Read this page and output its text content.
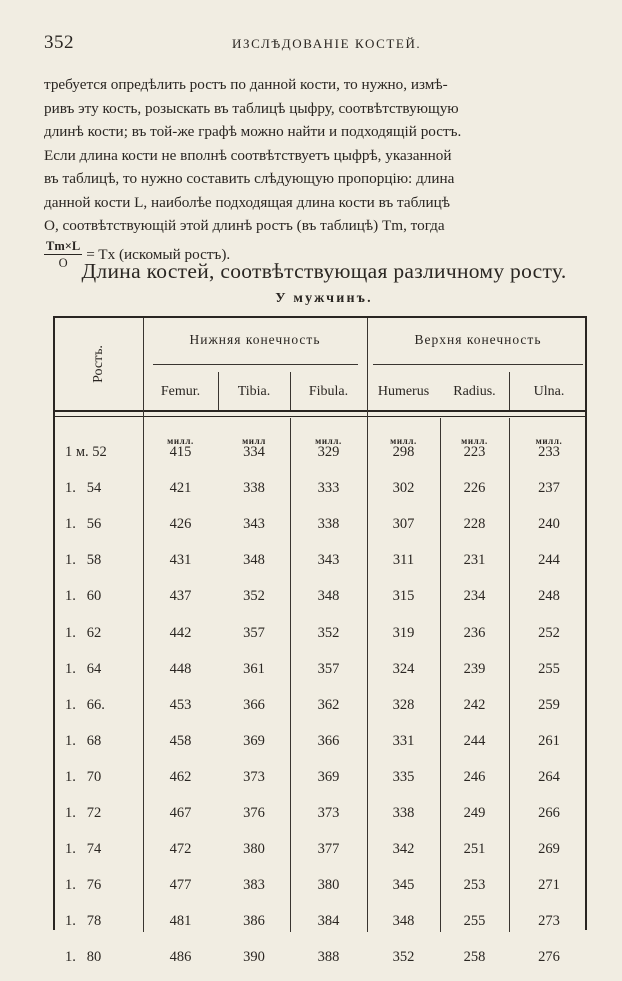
352	ИЗСЛѢДОВАНІЕ КОСТЕЙ.

требуется опредѣлить ростъ по данной кости, то нужно, измѣ-

ривъ эту кость, розыскать въ таблицѣ цыфру, соотвѣтствующую

длинѣ кости; въ той-же графѣ можно найти и подходящій ростъ.

Если длина кости не вполнѣ соотвѣтствуетъ цыфрѣ, указанной

въ таблицѣ, то нужно составить слѣдующую пропорцію: длина

данной кости L, наиболѣе подходящая длина кости въ таблицѣ

O, соотвѣтствующій этой длинѣ ростъ (въ таблицѣ) Tm, тогда

$\frac{Tm\times L}{O} = Tx$ (искомый ростъ).
Длина костей, соотвѣтствующая различному росту.
У мужчинъ.
Ростъ.
Нижняя конечность	Верхня конечность
Femur.	Tibia.	Fibula.	Humerus	Radius.	Ulna.
милл.	милл	милл.	милл.	милл.	милл.
1 м. 52	415	334	329	298	223	233
1.   54	421	338	333	302	226	237
1.   56	426	343	338	307	228	240
1.   58	431	348	343	311	231	244
1.   60	437	352	348	315	234	248
1.   62	442	357	352	319	236	252
1.   64	448	361	357	324	239	255
1.   66.	453	366	362	328	242	259
1.   68	458	369	366	331	244	261
1.   70	462	373	369	335	246	264
1.   72	467	376	373	338	249	266
1.   74	472	380	377	342	251	269
1.   76	477	383	380	345	253	271
1.   78	481	386	384	348	255	273
1.   80	486	390	388	352	258	276
